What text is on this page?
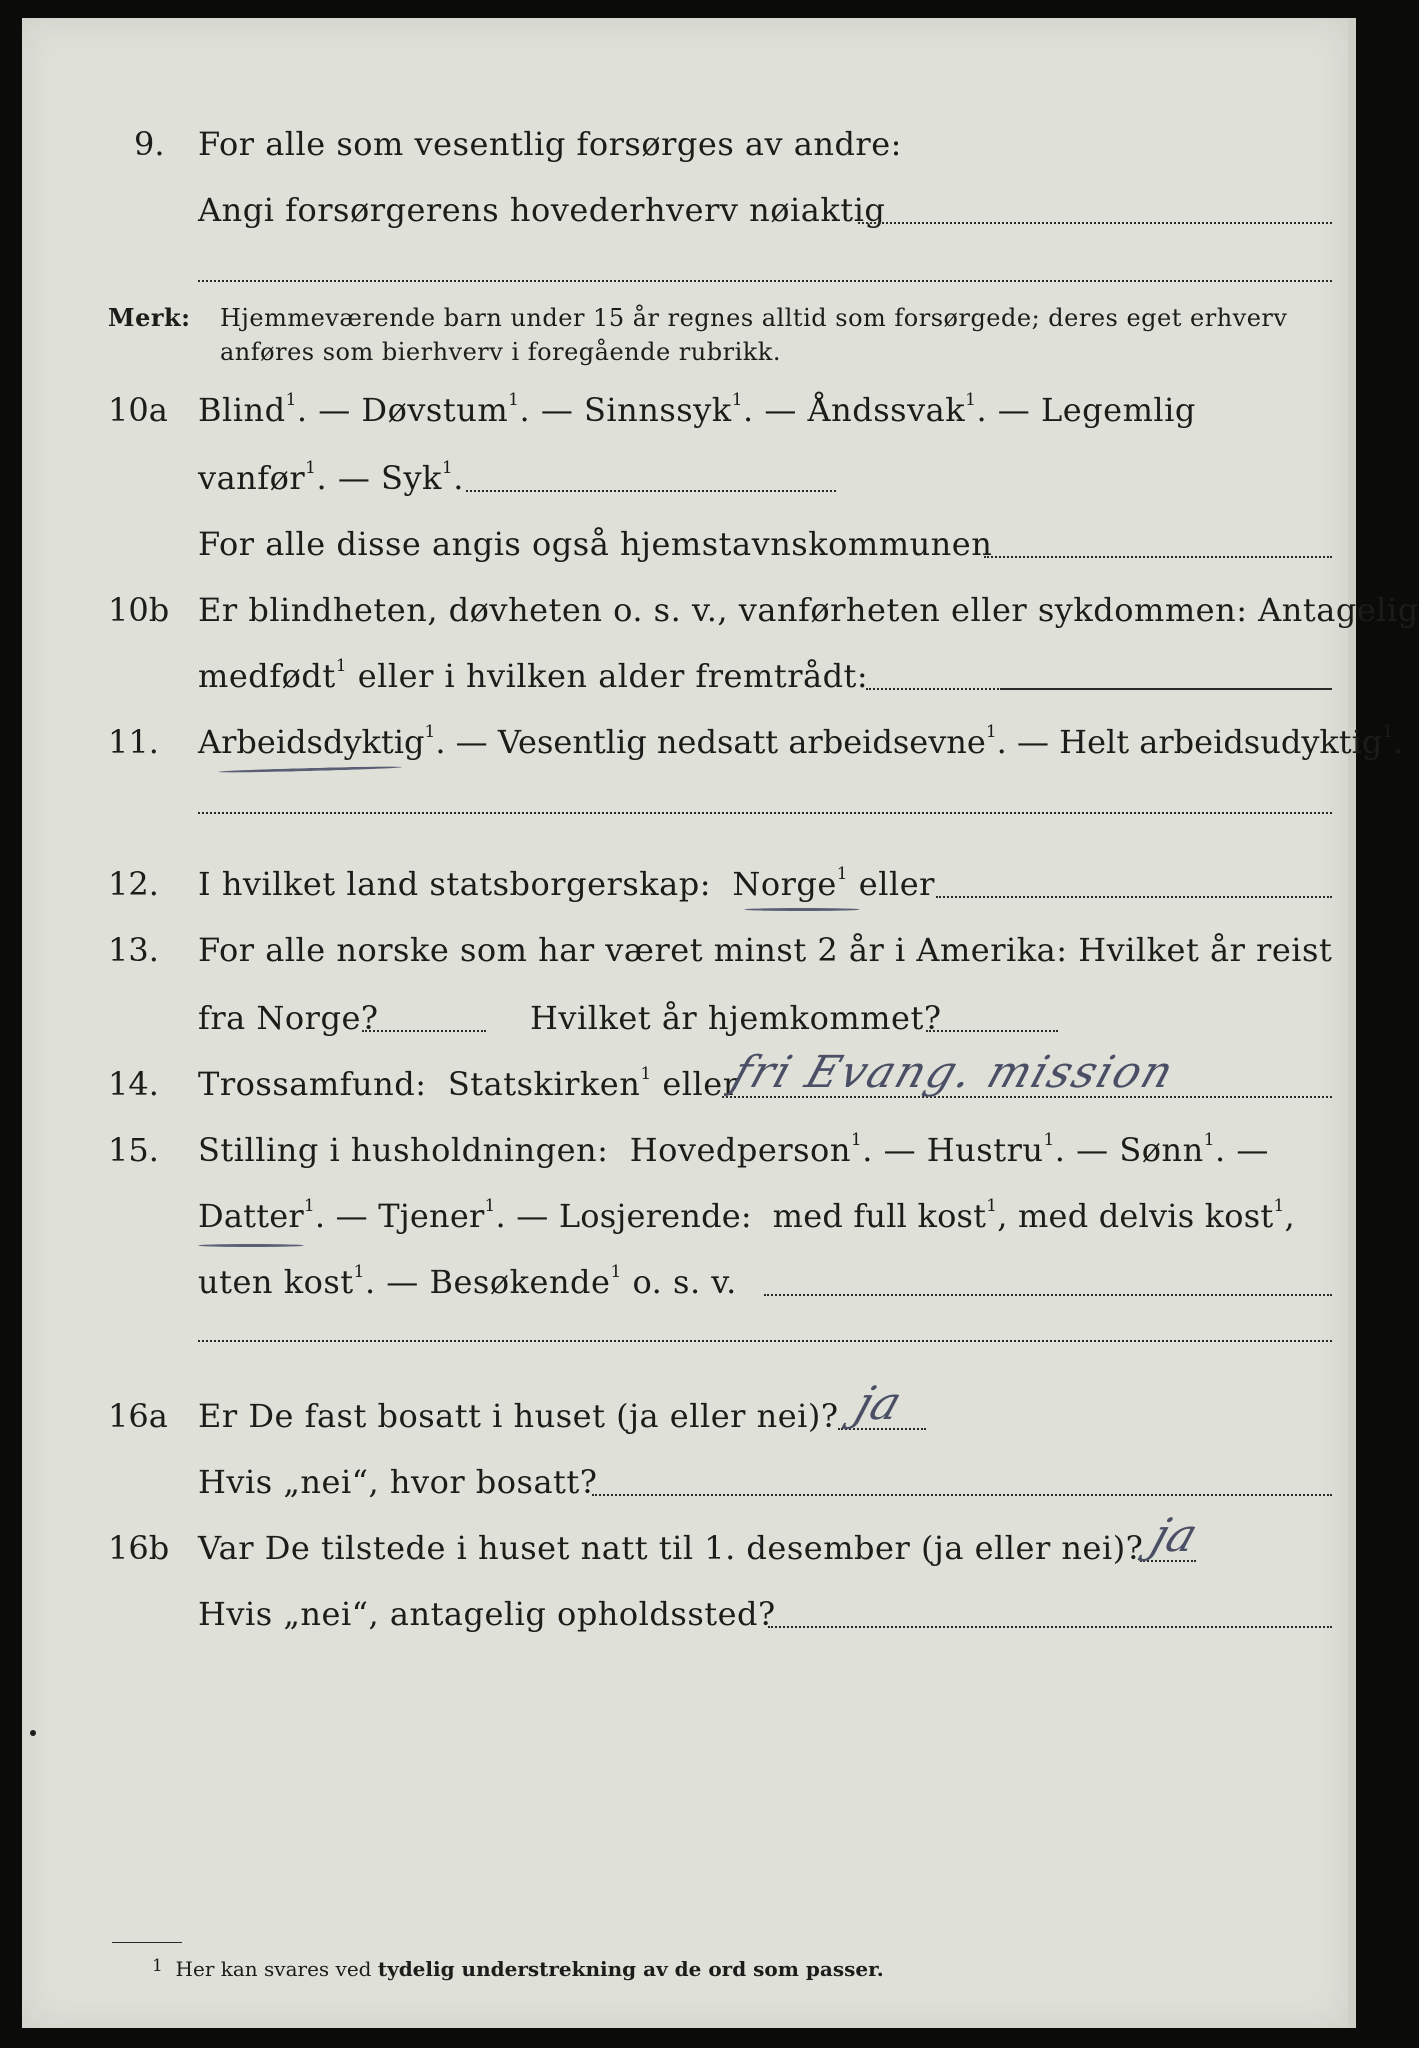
9. For alle som vesentlig forsørges av andre:
Angi forsørgerens hovederhverv nøiaktig
Merk: Hjemmeværende barn under 15 år regnes alltid som forsørgede; deres eget erhverv
anføres som bierhverv i foregående rubrikk.
10a Blind$^1$. — Døvstum$^1$. — Sinnssyk$^1$. — Åndssvak$^1$. — Legemlig
vanfør$^1$. — Syk$^1$.
For alle disse angis også hjemstavnskommunen
10b Er blindheten, døvheten o. s. v., vanførheten eller sykdommen: Antagelig
medfødt$^1$ eller i hvilken alder fremtrådt:
11. Arbeidsdyktig$^1$. — Vesentlig nedsatt arbeidsevne$^1$. — Helt arbeidsudyktig$^1$.
12. I hvilket land statsborgerskap: Norge$^1$ eller
13. For alle norske som har været minst 2 år i Amerika: Hvilket år reist
fra Norge?	Hvilket år hjemkommet?
14. Trossamfund: Statskirken$^1$ eller
fri Evang. mission
15. Stilling i husholdningen: Hovedperson$^1$. — Hustru$^1$. — Sønn$^1$. —
Datter$^1$. — Tjener$^1$. — Losjerende: med full kost$^1$, med delvis kost$^1$,
uten kost$^1$. — Besøkende$^1$ o. s. v.
16a Er De fast bosatt i huset (ja eller nei)? ja
Hvis „nei“, hvor bosatt?
16b Var De tilstede i huset natt til 1. desember (ja eller nei)? ja
Hvis „nei“, antagelig opholdssted?
$^1$ Her kan svares ved tydelig understrekning av de ord som passer.
